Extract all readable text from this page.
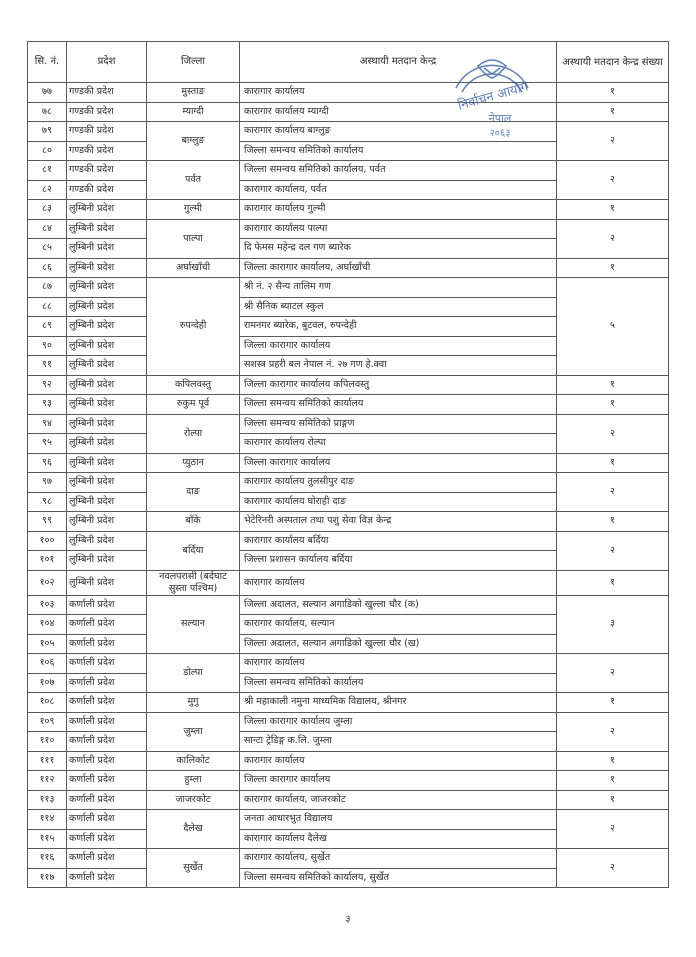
सि. नं.	प्रदेश	जिल्ला	अस्थायी मतदान केन्द्र	अस्थायी मतदान केन्द्र संख्या
७७	गण्डकी प्रदेश	मुस्ताङ	कारागार कार्यालय	१
७८	गण्डकी प्रदेश	म्याग्दी	कारागार कार्यालय म्याग्दी	१
७९	गण्डकी प्रदेश	बाग्लुङ	कारागार कार्यालय बाग्लुङ	२
८०	गण्डकी प्रदेश		जिल्ला समन्वय समितिको कार्यालय	
८१	गण्डकी प्रदेश	पर्वत	जिल्ला समन्वय समितिको कार्यालय, पर्वत	२
८२	गण्डकी प्रदेश		कारागार कार्यालय, पर्वत	
८३	लुम्बिनी प्रदेश	गुल्मी	कारागार कार्यालय गुल्मी	१
८४	लुम्बिनी प्रदेश	पाल्पा	कारागार कार्यालय पाल्पा	२
८५	लुम्बिनी प्रदेश		दि फेमस महेन्द्र दल गण ब्यारेक	
८६	लुम्बिनी प्रदेश	अर्घाखाँची	जिल्ला कारागार कार्यालय, अर्घाखाँची	१
८७	लुम्बिनी प्रदेश	रुपन्देही	श्री नं. २ सैन्य तालिम गण	५
८८	लुम्बिनी प्रदेश		श्री सैनिक ब्याटल स्कुल	
८९	लुम्बिनी प्रदेश		रामनगर ब्यारेक, बुटवल, रुपन्देही	
९०	लुम्बिनी प्रदेश		जिल्ला कारागार कार्यालय	
९१	लुम्बिनी प्रदेश		सशस्त्र प्रहरी बल नेपाल नं. २७ गण हे.क्वा	
९२	लुम्बिनी प्रदेश	कपिलवस्तु	जिल्ला कारागार कार्यालय कपिलवस्तु	१
९३	लुम्बिनी प्रदेश	रुकुम पूर्व	जिल्ला समन्वय समितिको कार्यालय	१
९४	लुम्बिनी प्रदेश	रोल्पा	जिल्ला समन्वय समितिको प्राङ्गण	२
९५	लुम्बिनी प्रदेश		कारागार कार्यालय रोल्पा	
९६	लुम्बिनी प्रदेश	प्युठान	जिल्ला कारागार कार्यालय	१
९७	लुम्बिनी प्रदेश	दाङ	कारागार कार्यालय तुलसीपुर दाङ	२
९८	लुम्बिनी प्रदेश		कारागार कार्यालय घोराही दाङ	
९९	लुम्बिनी प्रदेश	बाँके	भेटेरिनरी अस्पताल तथा पशु सेवा विज्ञ केन्द्र	१
१००	लुम्बिनी प्रदेश	बर्दिया	कारागार कार्यालय बर्दिया	२
१०१	लुम्बिनी प्रदेश		जिल्ला प्रशासन कार्यालय बर्दिया	
१०२	लुम्बिनी प्रदेश	नवलपरासी (बर्दघाट सुस्ता पश्चिम)	कारागार कार्यालय	१
१०३	कर्णाली प्रदेश	सल्यान	जिल्ला अदालत, सल्यान अगाडिको खुल्ला चौर (क)	३
१०४	कर्णाली प्रदेश		कारागार कार्यालय, सल्यान	
१०५	कर्णाली प्रदेश		जिल्ला अदालत, सल्यान अगाडिको खुल्ला चौर (ख)	
१०६	कर्णाली प्रदेश	डोल्पा	कारागार कार्यालय	२
१०७	कर्णाली प्रदेश		जिल्ला समन्वय समितिको कार्यालय	
१०८	कर्णाली प्रदेश	मुगु	श्री महाकाली नमुना माध्यमिक विद्यालय, श्रीनगर	१
१०९	कर्णाली प्रदेश	जुम्ला	जिल्ला कारागार कार्यालय जुम्ला	२
११०	कर्णाली प्रदेश		सान्टा ट्रेडिङ्ग क.लि. जुम्ला	
१११	कर्णाली प्रदेश	कालिकोट	कारागार कार्यालय	१
११२	कर्णाली प्रदेश	हुम्ला	जिल्ला कारागार कार्यालय	१
११३	कर्णाली प्रदेश	जाजरकोट	कारागार कार्यालय, जाजरकोट	१
११४	कर्णाली प्रदेश	दैलेख	जनता आधारभुत विद्यालय	२
११५	कर्णाली प्रदेश		कारागार कार्यालय दैलेख	
११६	कर्णाली प्रदेश	सुर्खेत	कारागार कार्यालय, सुर्खेत	२
११७	कर्णाली प्रदेश		जिल्ला समन्वय समितिको कार्यालय, सुर्खेत	
निर्वाचन आयोग
नेपाल
२०६३
३
